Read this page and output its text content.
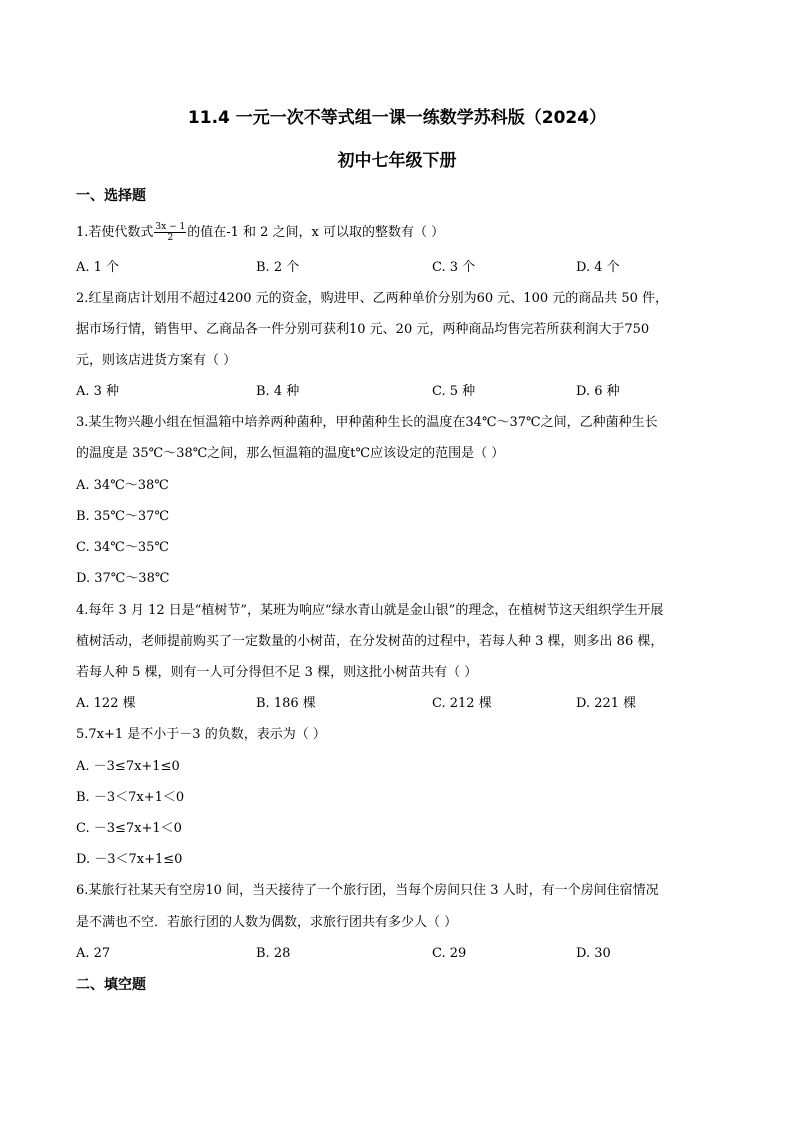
11.4 一元一次不等式组一课一练数学苏科版（2024）
初中七年级下册
一、选择题
1.若使代数式 $\frac{3x - 1}{2}$ 的值在-1 和 2 之间，x 可以取的整数有（ ）
A. 1 个	B. 2 个	C. 3 个	D. 4 个
2.红星商店计划用不超过4200 元的资金，购进甲、乙两种单价分别为60 元、100 元的商品共 50 件，
据市场行情，销售甲、乙商品各一件分别可获利10 元、20 元，两种商品均售完若所获利润大于750
元，则该店进货方案有（ ）
A. 3 种	B. 4 种	C. 5 种	D. 6 种
3.某生物兴趣小组在恒温箱中培养两种菌种，甲种菌种生长的温度在34℃～37℃之间，乙种菌种生长
的温度是 35℃～38℃之间，那么恒温箱的温度t℃应该设定的范围是（ ）
A. 34℃～38℃
B. 35℃～37℃
C. 34℃～35℃
D. 37℃～38℃
4.每年 3 月 12 日是“植树节”，某班为响应“绿水青山就是金山银”的理念，在植树节这天组织学生开展
植树活动，老师提前购买了一定数量的小树苗，在分发树苗的过程中，若每人种 3 棵，则多出 86 棵，
若每人种 5 棵，则有一人可分得但不足 3 棵，则这批小树苗共有（ ）
A. 122 棵	B. 186 棵	C. 212 棵	D. 221 棵
5.7x+1 是不小于－3 的负数，表示为（ ）
A. －3≤7x+1≤0
B. －3＜7x+1＜0
C. －3≤7x+1＜0
D. －3＜7x+1≤0
6.某旅行社某天有空房10 间，当天接待了一个旅行团，当每个房间只住 3 人时，有一个房间住宿情况
是不满也不空．若旅行团的人数为偶数，求旅行团共有多少人（ ）
A. 27	B. 28	C. 29	D. 30
二、填空题
